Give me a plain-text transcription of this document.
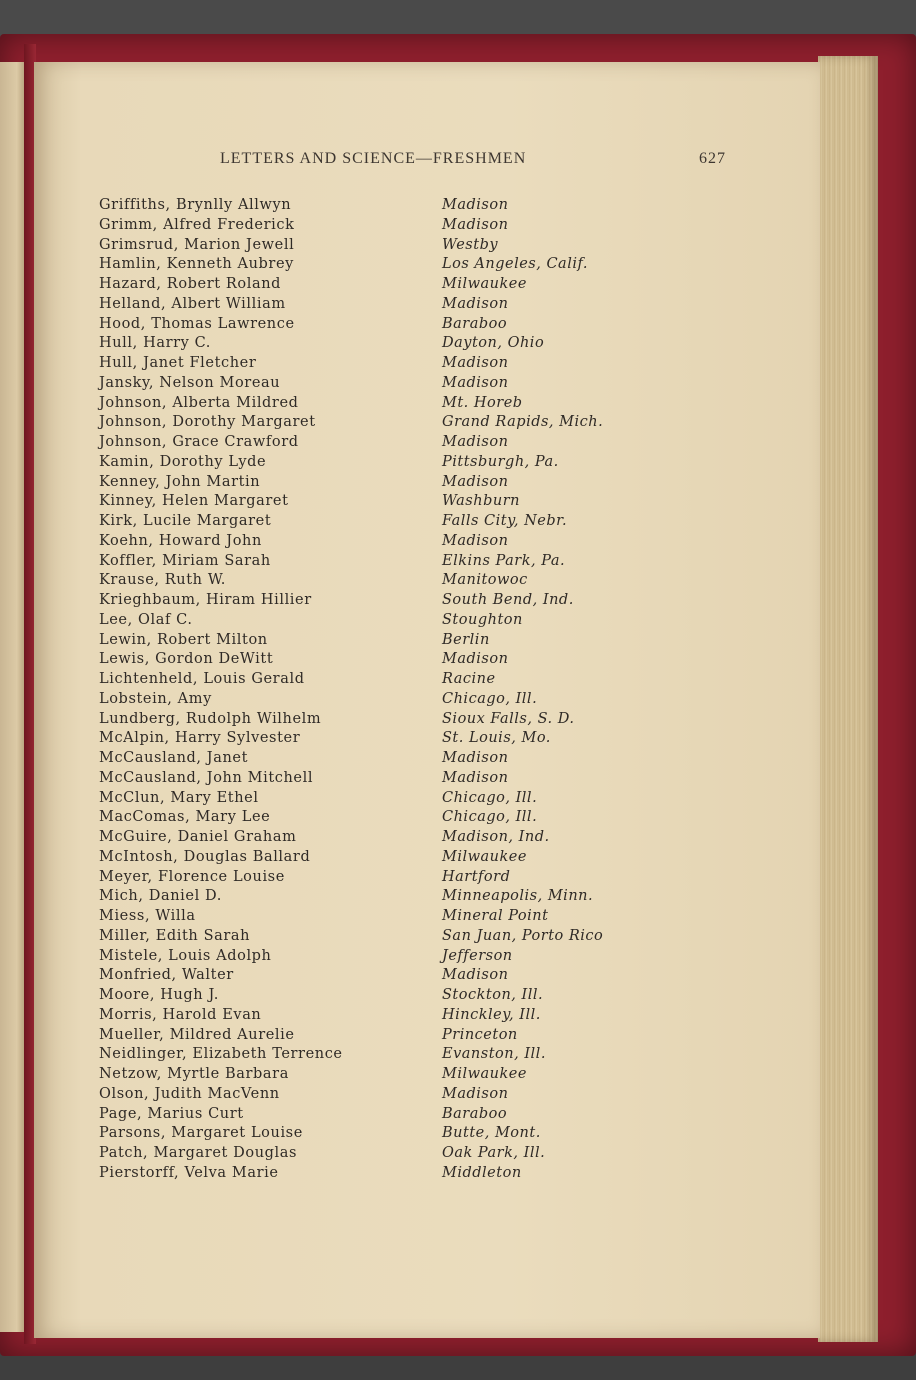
LETTERS AND SCIENCE—FRESHMEN	627
Griffiths, Brynlly Allwyn	Madison
Grimm, Alfred Frederick	Madison
Grimsrud, Marion Jewell	Westby
Hamlin, Kenneth Aubrey	Los Angeles, Calif.
Hazard, Robert Roland	Milwaukee
Helland, Albert William	Madison
Hood, Thomas Lawrence	Baraboo
Hull, Harry C.	Dayton, Ohio
Hull, Janet Fletcher	Madison
Jansky, Nelson Moreau	Madison
Johnson, Alberta Mildred	Mt. Horeb
Johnson, Dorothy Margaret	Grand Rapids, Mich.
Johnson, Grace Crawford	Madison
Kamin, Dorothy Lyde	Pittsburgh, Pa.
Kenney, John Martin	Madison
Kinney, Helen Margaret	Washburn
Kirk, Lucile Margaret	Falls City, Nebr.
Koehn, Howard John	Madison
Koffler, Miriam Sarah	Elkins Park, Pa.
Krause, Ruth W.	Manitowoc
Krieghbaum, Hiram Hillier	South Bend, Ind.
Lee, Olaf C.	Stoughton
Lewin, Robert Milton	Berlin
Lewis, Gordon DeWitt	Madison
Lichtenheld, Louis Gerald	Racine
Lobstein, Amy	Chicago, Ill.
Lundberg, Rudolph Wilhelm	Sioux Falls, S. D.
McAlpin, Harry Sylvester	St. Louis, Mo.
McCausland, Janet	Madison
McCausland, John Mitchell	Madison
McClun, Mary Ethel	Chicago, Ill.
MacComas, Mary Lee	Chicago, Ill.
McGuire, Daniel Graham	Madison, Ind.
McIntosh, Douglas Ballard	Milwaukee
Meyer, Florence Louise	Hartford
Mich, Daniel D.	Minneapolis, Minn.
Miess, Willa	Mineral Point
Miller, Edith Sarah	San Juan, Porto Rico
Mistele, Louis Adolph	Jefferson
Monfried, Walter	Madison
Moore, Hugh J.	Stockton, Ill.
Morris, Harold Evan	Hinckley, Ill.
Mueller, Mildred Aurelie	Princeton
Neidlinger, Elizabeth Terrence	Evanston, Ill.
Netzow, Myrtle Barbara	Milwaukee
Olson, Judith MacVenn	Madison
Page, Marius Curt	Baraboo
Parsons, Margaret Louise	Butte, Mont.
Patch, Margaret Douglas	Oak Park, Ill.
Pierstorff, Velva Marie	Middleton
